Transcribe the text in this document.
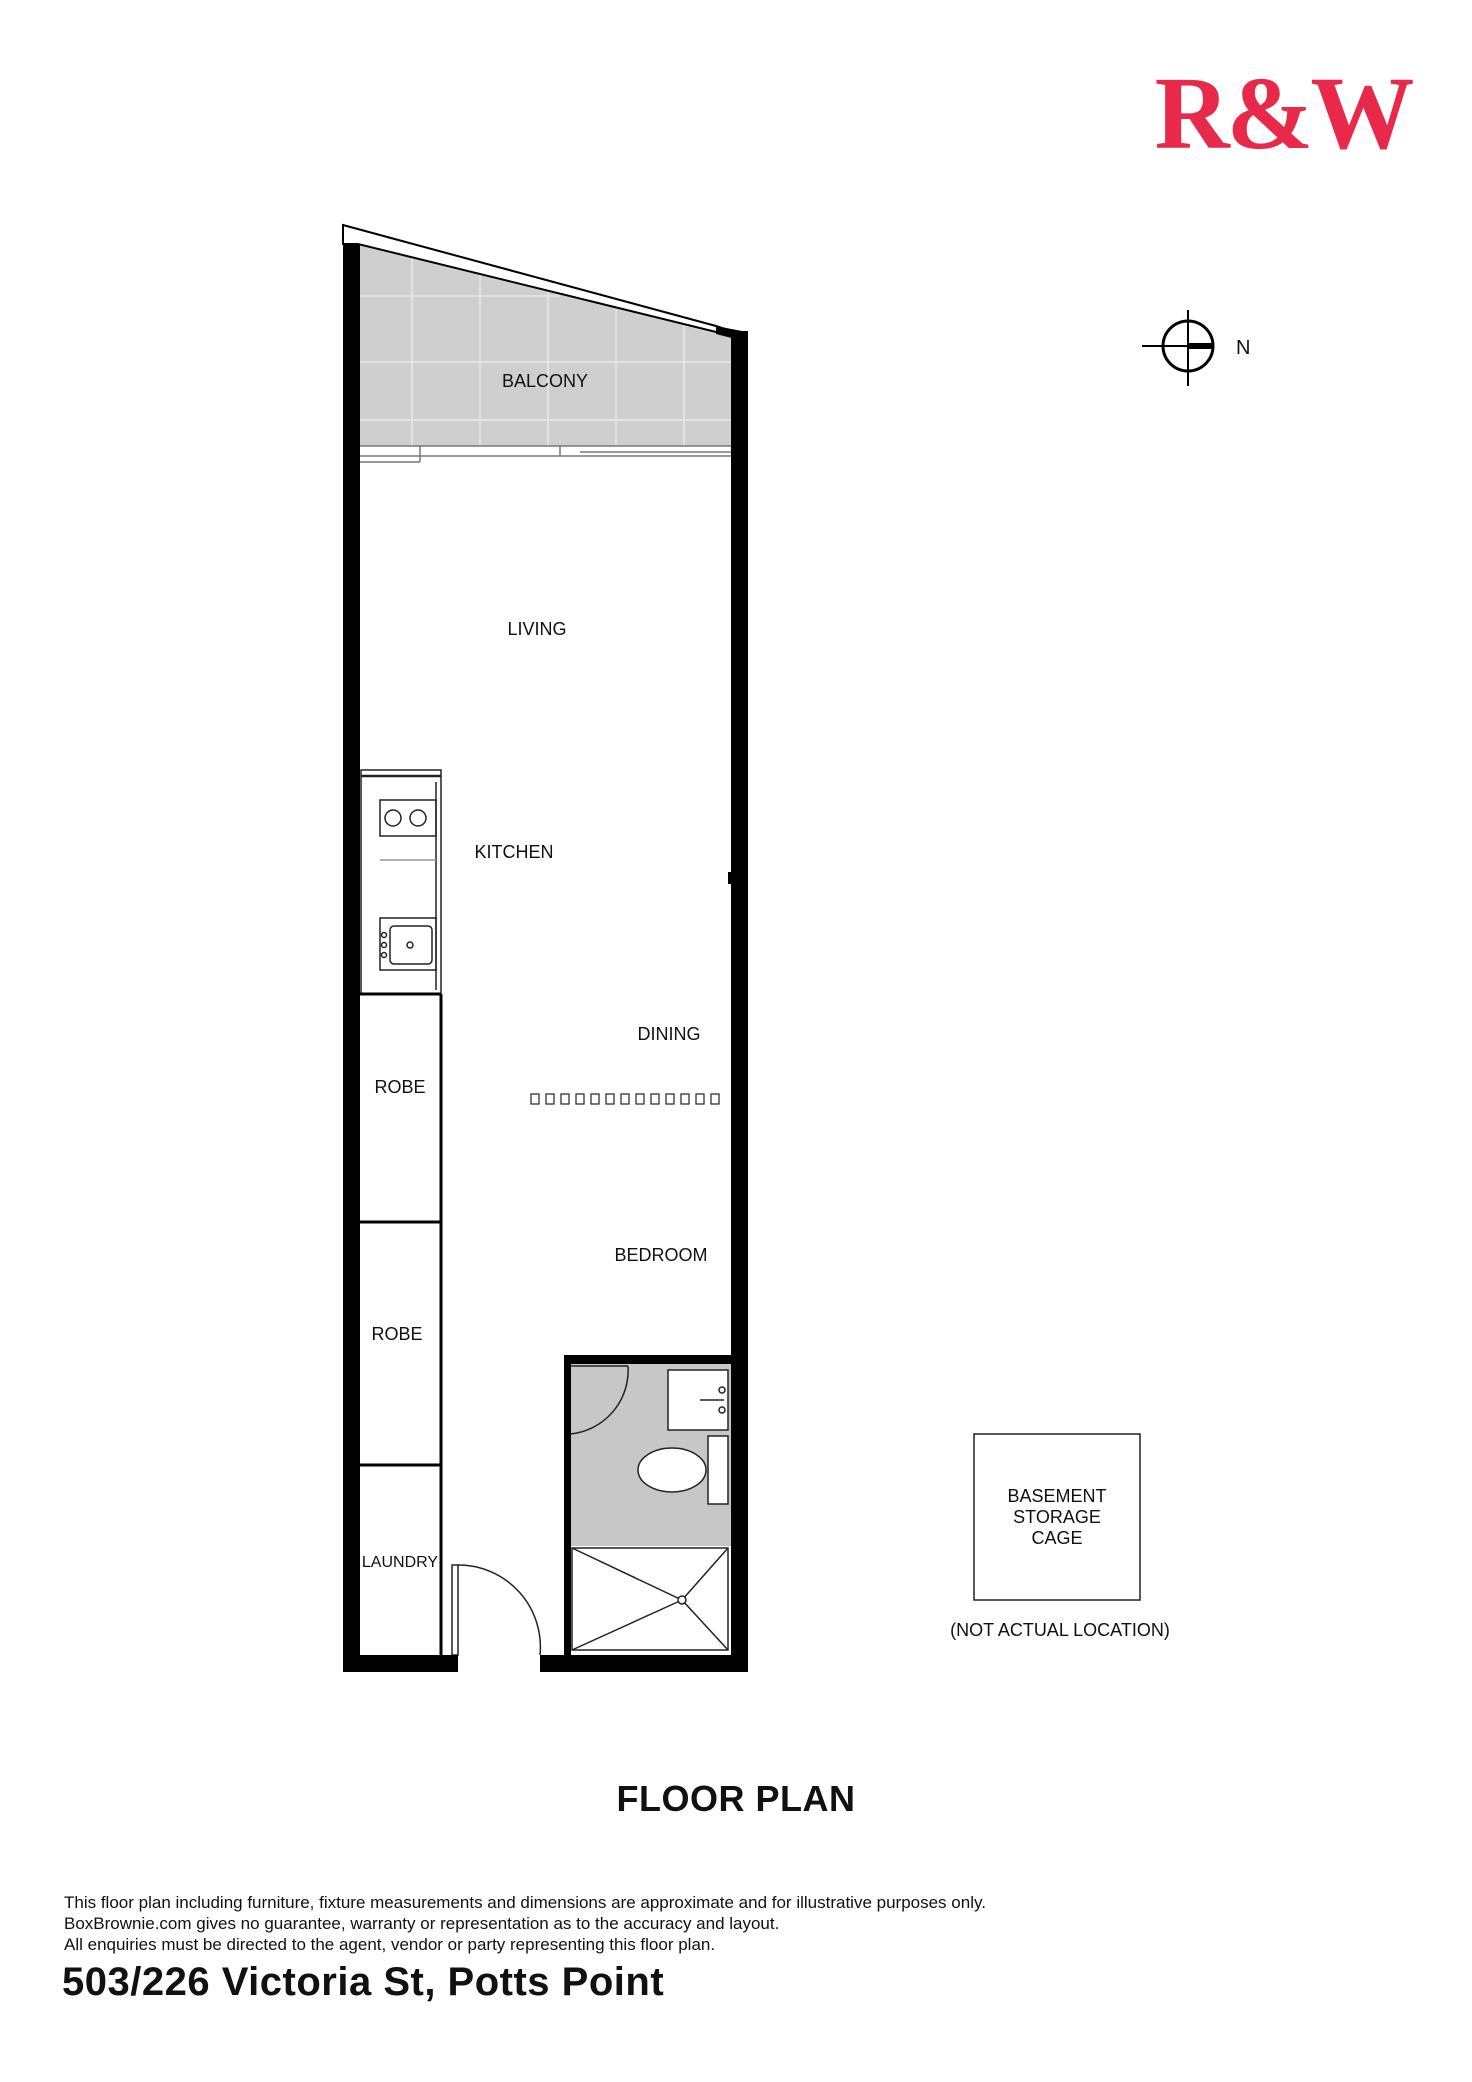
R&W
N
BALCONY
LIVING
KITCHEN
DINING
ROBE
BEDROOM
ROBE
LAUNDRY
BASEMENT
STORAGE
CAGE
(NOT ACTUAL LOCATION)
FLOOR PLAN
This floor plan including furniture, fixture measurements and dimensions are approximate and for illustrative purposes only.
BoxBrownie.com gives no guarantee, warranty or representation as to the accuracy and layout.
All enquiries must be directed to the agent, vendor or party representing this floor plan.
503/226 Victoria St, Potts Point
